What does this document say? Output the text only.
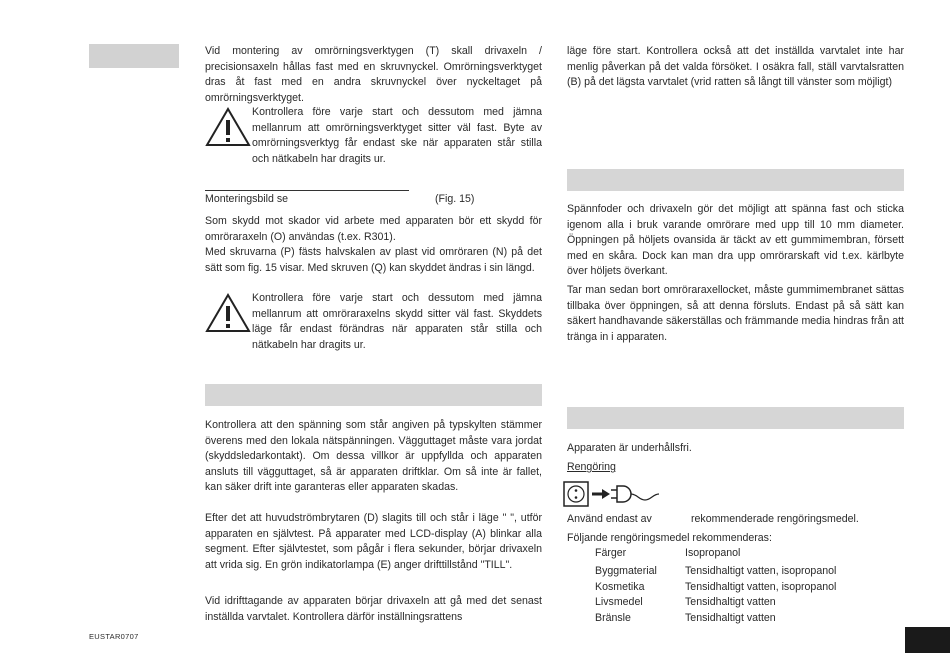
Vid montering av omrörningsverktygen (T) skall drivaxeln / precisionsaxeln hållas fast med en skruvnyckel. Omrörningsverktyget dras åt fast med en andra skruvnyckel över nyckeltaget på omrörningsverktyget.

Kontrollera före varje start och dessutom med jämna mellanrum att omrörningsverktyget sitter väl fast. Byte av omrörningsverktyg får endast ske när apparaten står stilla och nätkabeln har dragits ur.

Monteringsbild se	(Fig. 15)

Som skydd mot skador vid arbete med apparaten bör ett skydd för omröraraxeln (O) användas (t.ex. R301).

Med skruvarna (P) fästs halvskalen av plast vid omröraren (N) på det sätt som fig. 15 visar. Med skruven (Q) kan skyddet ändras i sin längd.

Kontrollera före varje start och dessutom med jämna mellanrum att omröraraxelns skydd sitter väl fast. Skyddets läge får endast förändras när apparaten står stilla och nätkabeln har dragits ur.

Kontrollera att den spänning som står angiven på typskylten stämmer överens med den lokala nätspänningen. Vägguttaget måste vara jordat (skyddsledarkontakt). Om dessa villkor är uppfyllda och apparaten ansluts till vägguttaget, så är apparaten driftklar. Om så inte är fallet, kan säker drift inte garanteras eller apparaten skadas.

Efter det att huvudströmbrytaren (D) slagits till och står i läge " ", utför apparaten en självtest. På apparater med LCD-display (A) blinkar alla segment. Efter självtestet, som pågår i flera sekunder, börjar drivaxeln att vrida sig. En grön indikatorlampa (E) anger drifttillstånd "TILL".

Vid idrifttagande av apparaten börjar drivaxeln att gå med det senast inställda varvtalet. Kontrollera därför inställningsrattens

EUSTAR0707

läge före start. Kontrollera också att det inställda varvtalet inte har menlig påverkan på det valda försöket. I osäkra fall, ställ varvtalsratten (B) på det lägsta varvtalet (vrid ratten så långt till vänster som möjligt)

Spännfoder och drivaxeln gör det möjligt att spänna fast och sticka igenom alla i bruk varande omrörare med upp till 10 mm diameter. Öppningen på höljets ovansida är täckt av ett gummimembran, försett med en skåra. Dock kan man dra upp omrörarskaft vid t.ex. kärlbyte över höljets överkant.

Tar man sedan bort omröraraxellocket, måste gummimembranet sättas tillbaka över öppningen, så att denna försluts. Endast på så sätt kan säkert handhavande säkerställas och främmande media hindras från att tränga in i apparaten.

Apparaten är underhållsfri.

Rengöring

Använd endast av	rekommenderade rengöringsmedel.

Följande rengöringsmedel rekommenderas:

Färger	Isopropanol
Byggmaterial	Tensidhaltigt vatten, isopropanol
Kosmetika	Tensidhaltigt vatten, isopropanol
Livsmedel	Tensidhaltigt vatten
Bränsle	Tensidhaltigt vatten
